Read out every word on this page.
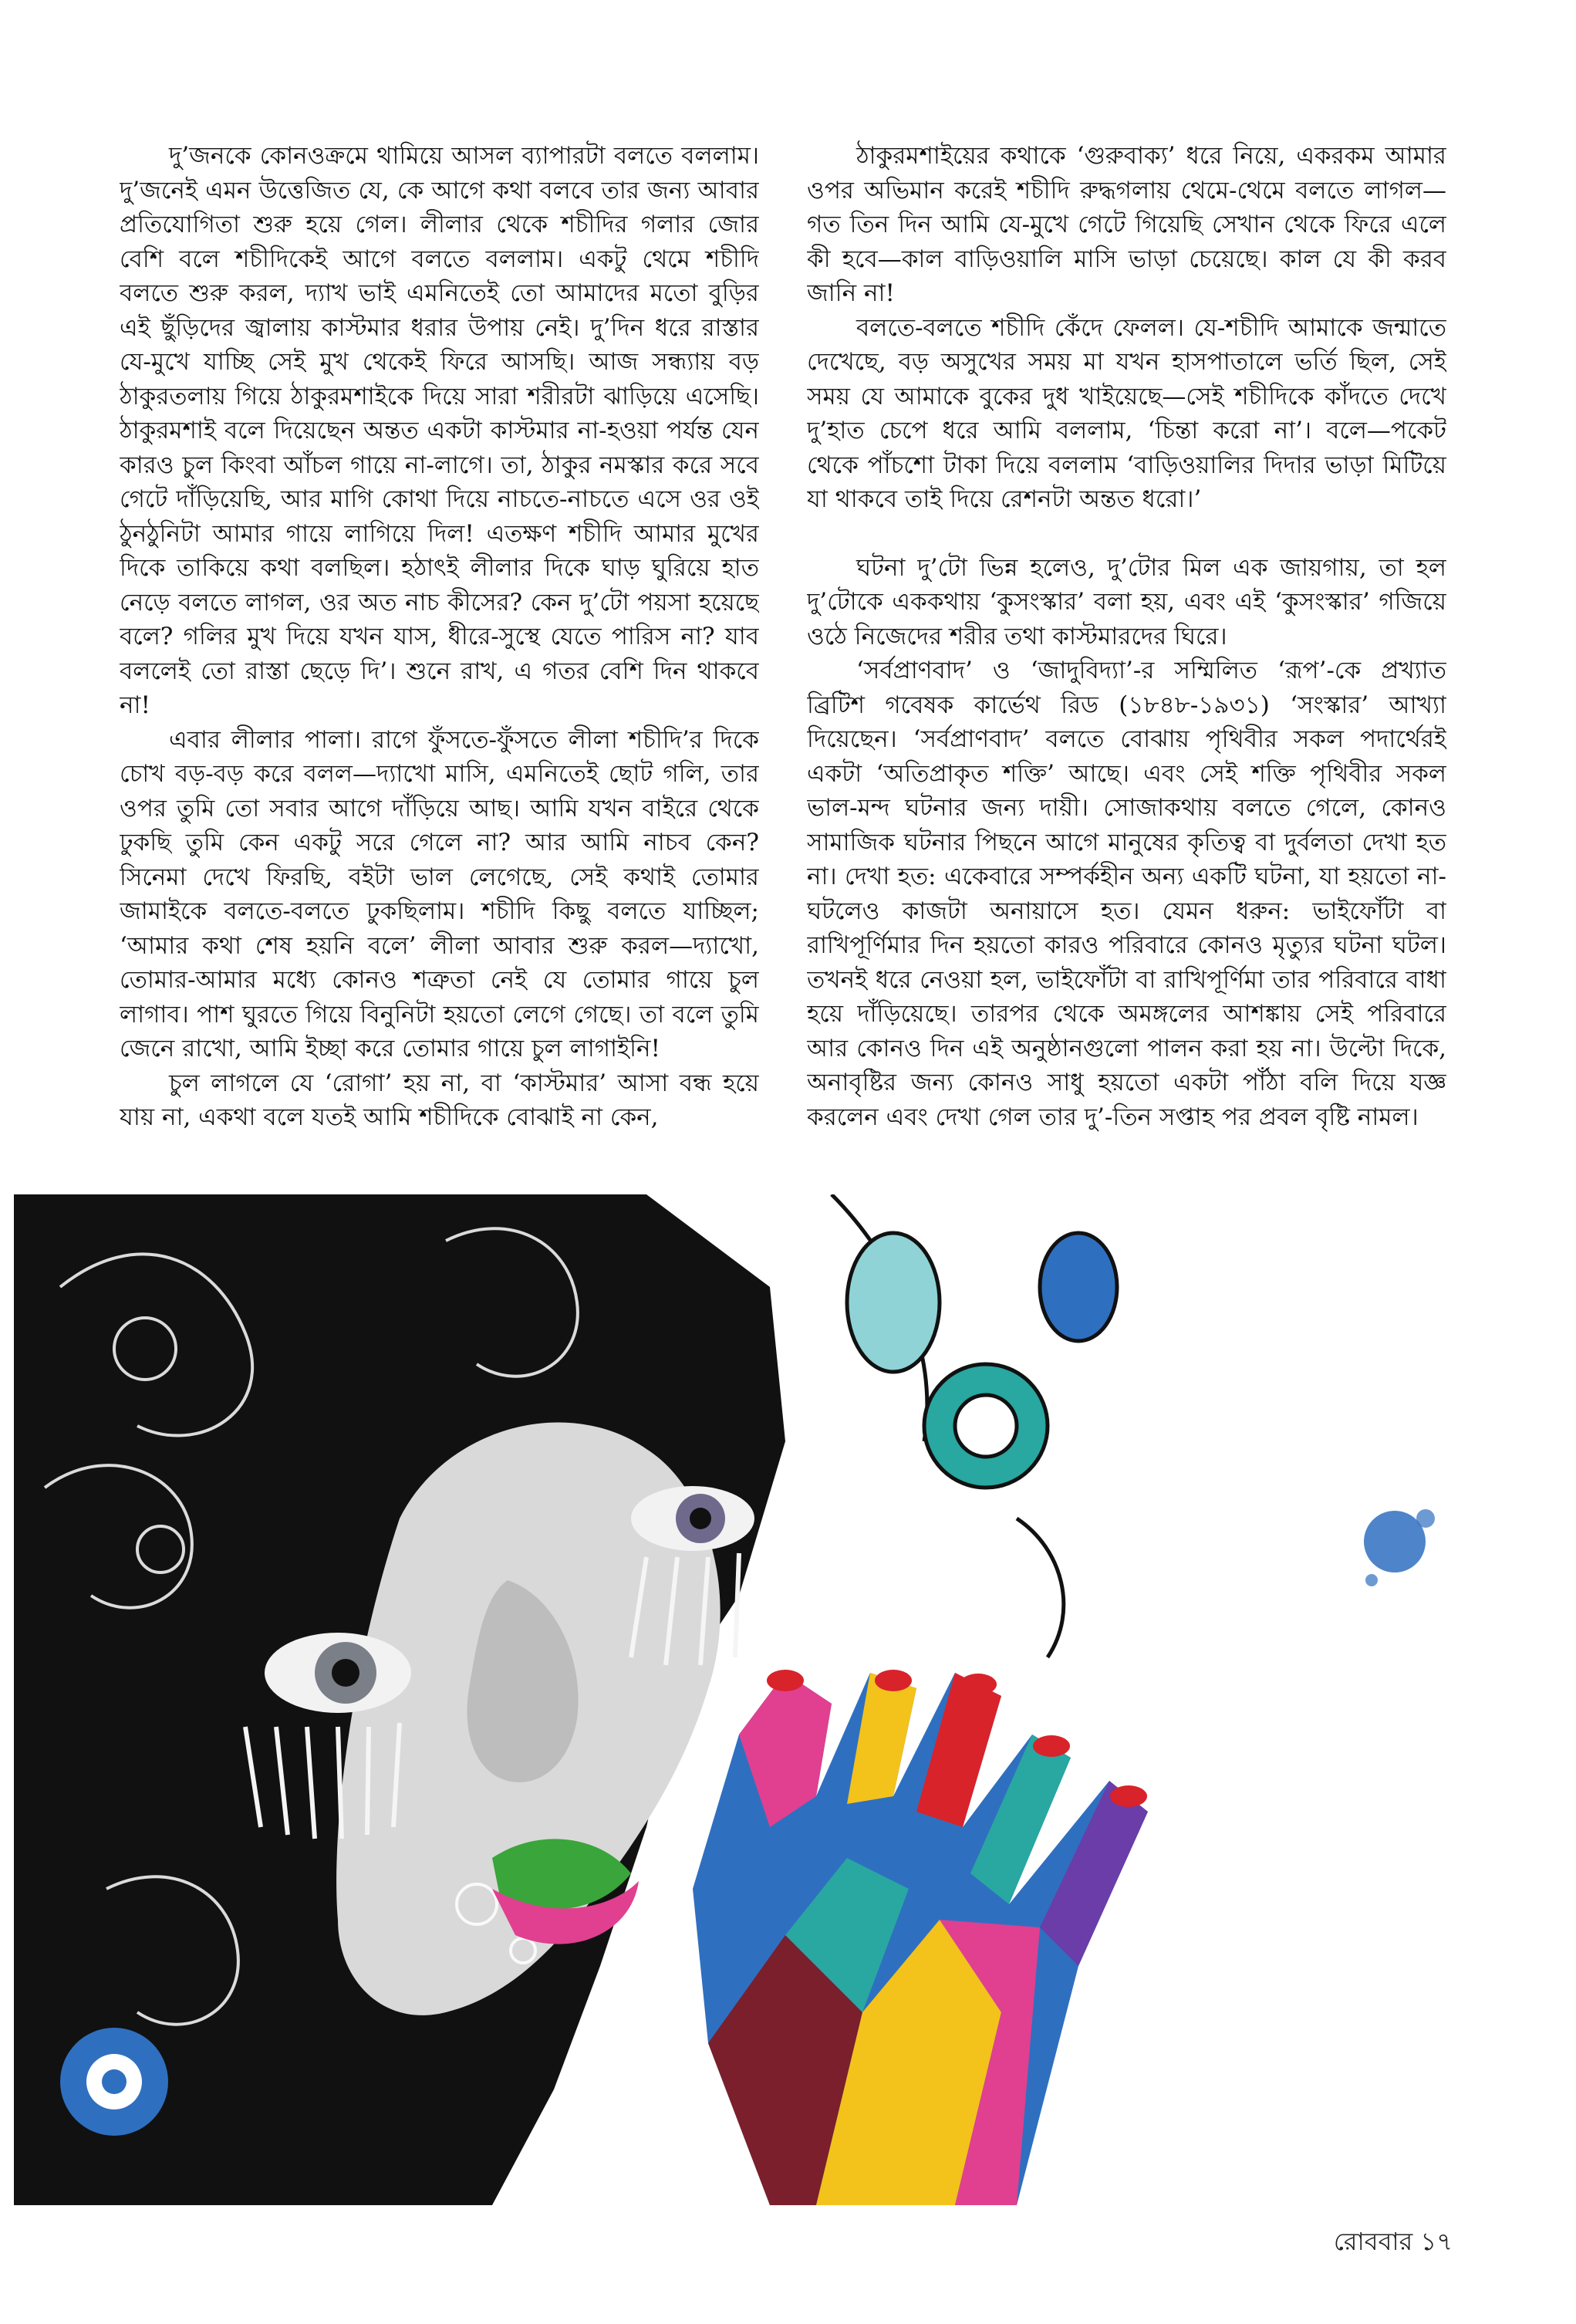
দু’জনকে কোনওক্রমে থামিয়ে আসল ব্যাপারটা বলতে বললাম। দু’জনেই এমন উত্তেজিত যে, কে আগে কথা বলবে তার জন্য আবার প্রতিযোগিতা শুরু হয়ে গেল। লীলার থেকে শচীদির গলার জোর বেশি বলে শচীদিকেই আগে বলতে বললাম। একটু থেমে শচীদি বলতে শুরু করল, দ্যাখ ভাই এমনিতেই তো আমাদের মতো বুড়ির এই ছুঁড়িদের জ্বালায় কাস্টমার ধরার উপায় নেই। দু’দিন ধরে রাস্তার যে-মুখে যাচ্ছি সেই মুখ থেকেই ফিরে আসছি। আজ সন্ধ্যায় বড় ঠাকুরতলায় গিয়ে ঠাকুরমশাইকে দিয়ে সারা শরীরটা ঝাড়িয়ে এসেছি। ঠাকুরমশাই বলে দিয়েছেন অন্তত একটা কাস্টমার না-হওয়া পর্যন্ত যেন কারও চুল কিংবা আঁচল গায়ে না-লাগে। তা, ঠাকুর নমস্কার করে সবে গেটে দাঁড়িয়েছি, আর মাগি কোথা দিয়ে নাচতে-নাচতে এসে ওর ওই ঠুনঠুনিটা আমার গায়ে লাগিয়ে দিল! এতক্ষণ শচীদি আমার মুখের দিকে তাকিয়ে কথা বলছিল। হঠাৎই লীলার দিকে ঘাড় ঘুরিয়ে হাত নেড়ে বলতে লাগল, ওর অত নাচ কীসের? কেন দু’টো পয়সা হয়েছে বলে? গলির মুখ দিয়ে যখন যাস, ধীরে-সুস্থে যেতে পারিস না? যাব বললেই তো রাস্তা ছেড়ে দি’। শুনে রাখ, এ গতর বেশি দিন থাকবে না!

এবার লীলার পালা। রাগে ফুঁসতে-ফুঁসতে লীলা শচীদি’র দিকে চোখ বড়-বড় করে বলল—দ্যাখো মাসি, এমনিতেই ছোট গলি, তার ওপর তুমি তো সবার আগে দাঁড়িয়ে আছ। আমি যখন বাইরে থেকে ঢুকছি তুমি কেন একটু সরে গেলে না? আর আমি নাচব কেন? সিনেমা দেখে ফিরছি, বইটা ভাল লেগেছে, সেই কথাই তোমার জামাইকে বলতে-বলতে ঢুকছিলাম। শচীদি কিছু বলতে যাচ্ছিল; ‘আমার কথা শেষ হয়নি বলে’ লীলা আবার শুরু করল—দ্যাখো, তোমার-আমার মধ্যে কোনও শত্রুতা নেই যে তোমার গায়ে চুল লাগাব। পাশ ঘুরতে গিয়ে বিনুনিটা হয়তো লেগে গেছে। তা বলে তুমি জেনে রাখো, আমি ইচ্ছা করে তোমার গায়ে চুল লাগাইনি!

চুল লাগলে যে ‘রোগা’ হয় না, বা ‘কাস্টমার’ আসা বন্ধ হয়ে যায় না, একথা বলে যতই আমি শচীদিকে বোঝাই না কেন,

ঠাকুরমশাইয়ের কথাকে ‘গুরুবাক্য’ ধরে নিয়ে, একরকম আমার ওপর অভিমান করেই শচীদি রুদ্ধগলায় থেমে-থেমে বলতে লাগল—গত তিন দিন আমি যে-মুখে গেটে গিয়েছি সেখান থেকে ফিরে এলে কী হবে—কাল বাড়িওয়ালি মাসি ভাড়া চেয়েছে। কাল যে কী করব জানি না!

বলতে-বলতে শচীদি কেঁদে ফেলল। যে-শচীদি আমাকে জন্মাতে দেখেছে, বড় অসুখের সময় মা যখন হাসপাতালে ভর্তি ছিল, সেই সময় যে আমাকে বুকের দুধ খাইয়েছে—সেই শচীদিকে কাঁদতে দেখে দু’হাত চেপে ধরে আমি বললাম, ‘চিন্তা করো না’। বলে—পকেট থেকে পাঁচশো টাকা দিয়ে বললাম ‘বাড়িওয়ালির দিদার ভাড়া মিটিয়ে যা থাকবে তাই দিয়ে রেশনটা অন্তত ধরো।’

ঘটনা দু’টো ভিন্ন হলেও, দু’টোর মিল এক জায়গায়, তা হল দু’টোকে এককথায় ‘কুসংস্কার’ বলা হয়, এবং এই ‘কুসংস্কার’ গজিয়ে ওঠে নিজেদের শরীর তথা কাস্টমারদের ঘিরে।

‘সর্বপ্রাণবাদ’ ও ‘জাদুবিদ্যা’-র সম্মিলিত ‘রূপ’-কে প্রখ্যাত ব্রিটিশ গবেষক কার্ভেথ রিড (১৮৪৮-১৯৩১) ‘সংস্কার’ আখ্যা দিয়েছেন। ‘সর্বপ্রাণবাদ’ বলতে বোঝায় পৃথিবীর সকল পদার্থেরই একটা ‘অতিপ্রাকৃত শক্তি’ আছে। এবং সেই শক্তি পৃথিবীর সকল ভাল-মন্দ ঘটনার জন্য দায়ী। সোজাকথায় বলতে গেলে, কোনও সামাজিক ঘটনার পিছনে আগে মানুষের কৃতিত্ব বা দুর্বলতা দেখা হত না। দেখা হত: একেবারে সম্পর্কহীন অন্য একটি ঘটনা, যা হয়তো না-ঘটলেও কাজটা অনায়াসে হত। যেমন ধরুন: ভাইফোঁটা বা রাখিপূর্ণিমার দিন হয়তো কারও পরিবারে কোনও মৃত্যুর ঘটনা ঘটল। তখনই ধরে নেওয়া হল, ভাইফোঁটা বা রাখিপূর্ণিমা তার পরিবারে বাধা হয়ে দাঁড়িয়েছে। তারপর থেকে অমঙ্গলের আশঙ্কায় সেই পরিবারে আর কোনও দিন এই অনুষ্ঠানগুলো পালন করা হয় না। উল্টো দিকে, অনাবৃষ্টির জন্য কোনও সাধু হয়তো একটা পাঁঠা বলি দিয়ে যজ্ঞ করলেন এবং দেখা গেল তার দু’-তিন সপ্তাহ পর প্রবল বৃষ্টি নামল।

রোববার ১৭
